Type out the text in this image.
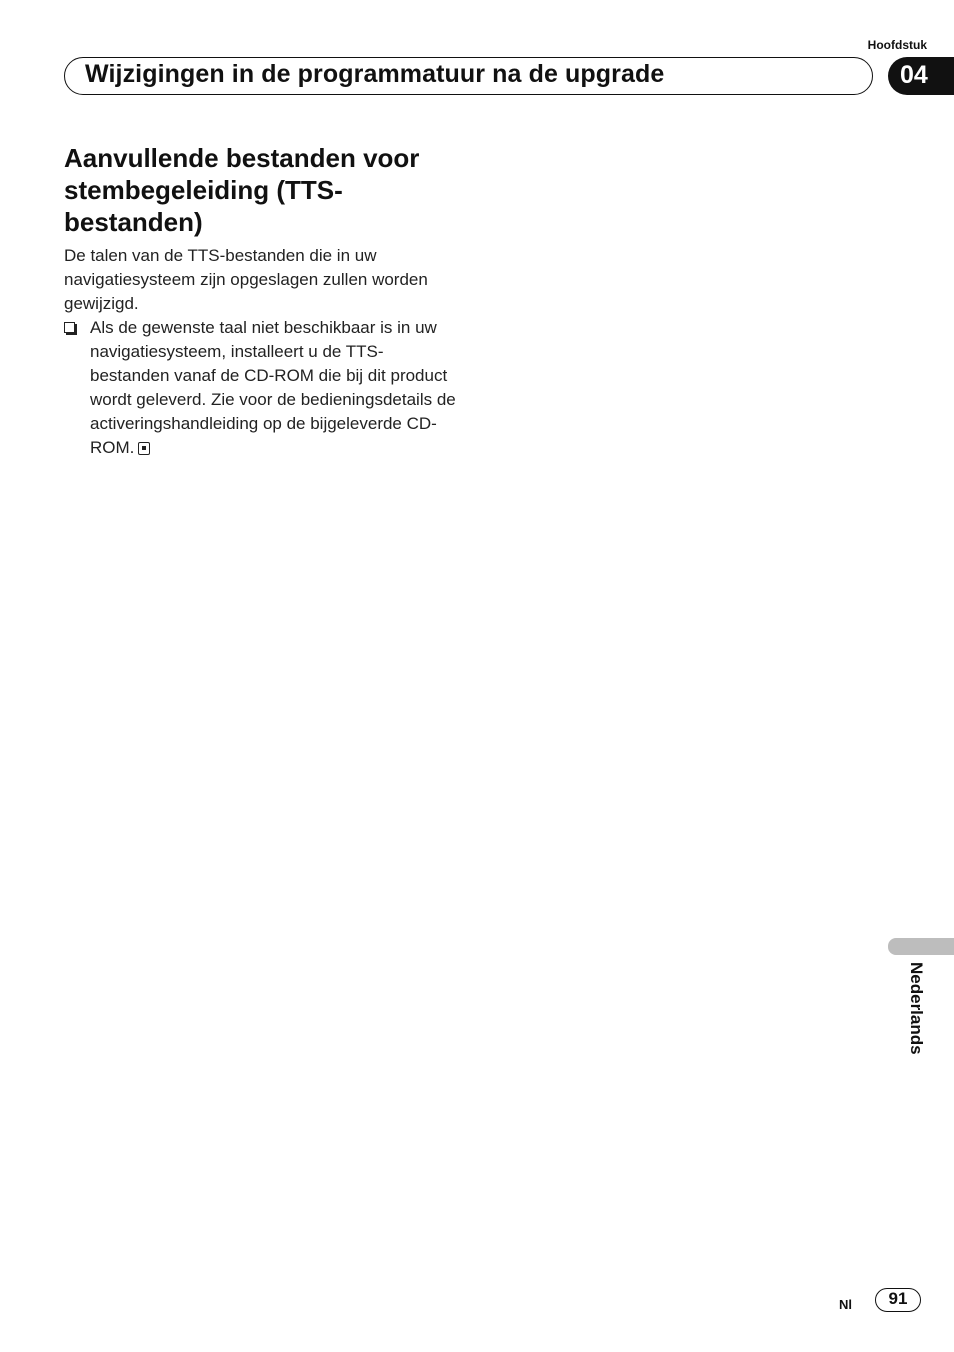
Hoofdstuk
Wijzigingen in de programmatuur na de upgrade	04
Aanvullende bestanden voor stembegeleiding (TTS-bestanden)

De talen van de TTS-bestanden die in uw navigatiesysteem zijn opgeslagen zullen worden gewijzigd.

Als de gewenste taal niet beschikbaar is in uw navigatiesysteem, installeert u de TTS-bestanden vanaf de CD-ROM die bij dit product wordt geleverd. Zie voor de bedieningsdetails de activeringshandleiding op de bijgeleverde CD-ROM.
Nederlands
Nl	91
